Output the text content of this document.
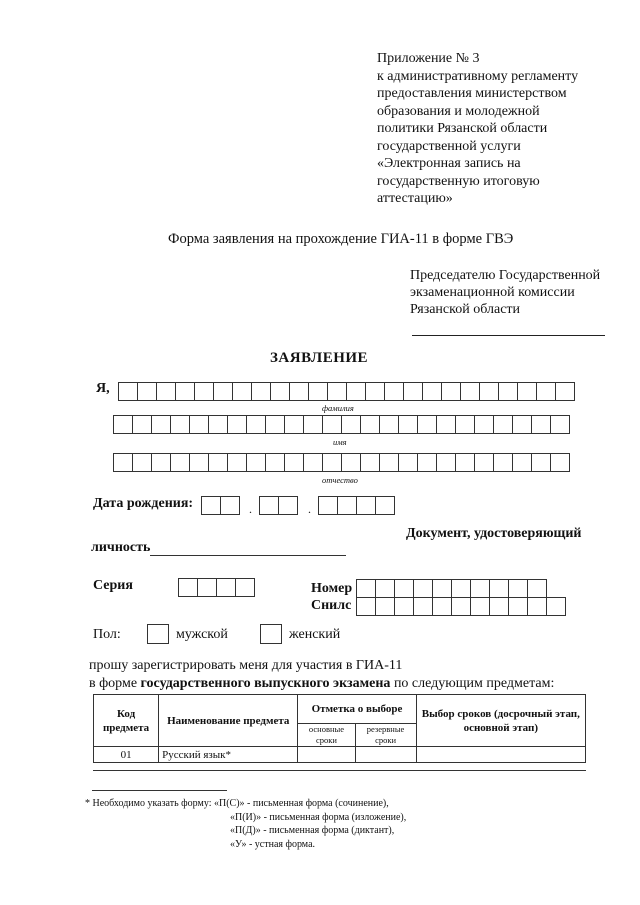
Приложение № 3
к административному регламенту
предоставления министерством
образования и молодежной
политики Рязанской области
государственной услуги
«Электронная запись на
государственную итоговую
аттестацию»
Форма заявления на прохождение ГИА-11 в форме ГВЭ
Председателю Государственной
экзаменационной комиссии
Рязанской области
ЗАЯВЛЕНИЕ
Я,
фамилия
имя
отчество
Дата рождения:	.	.
Документ, удостоверяющий
личность
Серия	Номер
Снилс
Пол:	мужской	женский
прошу зарегистрировать меня для участия в ГИА-11
в форме государственного выпускного экзамена по следующим предметам:
Код предмета	Наименование предмета	Отметка о выборе		Выбор сроков (досрочный этап, основной этап)
		основные сроки	резервные сроки	
01	Русский язык*			
* Необходимо указать форму: «П(С)» - письменная форма (сочинение),
«П(И)» - письменная форма (изложение),
«П(Д)» - письменная форма (диктант),
«У» - устная форма.
